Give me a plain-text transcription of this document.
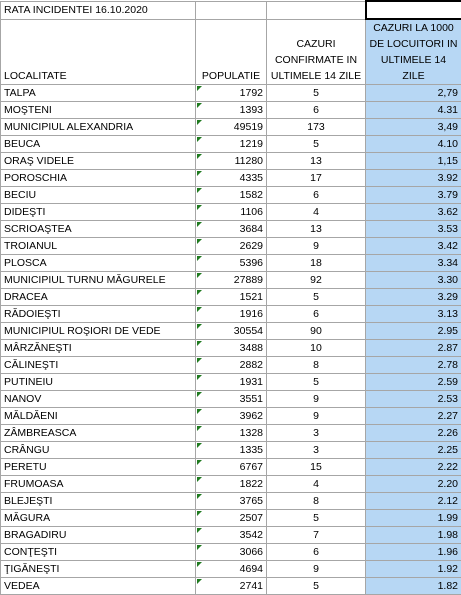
RATA INCIDENTEI 16.10.2020			
LOCALITATE	POPULATIE	CAZURI CONFIRMATE IN ULTIMELE 14 ZILE	CAZURI LA 1000 DE LOCUITORI IN ULTIMELE 14 ZILE
TALPA	1792	5	2,79
MOŞTENI	1393	6	4.31
MUNICIPIUL ALEXANDRIA	49519	173	3,49
BEUCA	1219	5	4.10
ORAŞ VIDELE	11280	13	1,15
POROSCHIA	4335	17	3.92
BECIU	1582	6	3.79
DIDEŞTI	1106	4	3.62
SCRIOAŞTEA	3684	13	3.53
TROIANUL	2629	9	3.42
PLOSCA	5396	18	3.34
MUNICIPIUL TURNU MĂGURELE	27889	92	3.30
DRACEA	1521	5	3.29
RĂDOIEŞTI	1916	6	3.13
MUNICIPIUL ROŞIORI DE VEDE	30554	90	2.95
MÂRZĂNEŞTI	3488	10	2.87
CĂLINEŞTI	2882	8	2.78
PUTINEIU	1931	5	2.59
NANOV	3551	9	2.53
MĂLDĂENI	3962	9	2.27
ZÂMBREASCA	1328	3	2.26
CRÂNGU	1335	3	2.25
PERETU	6767	15	2.22
FRUMOASA	1822	4	2.20
BLEJEŞTI	3765	8	2.12
MĂGURA	2507	5	1.99
BRAGADIRU	3542	7	1.98
CONŢEŞTI	3066	6	1.96
ŢIGĂNEŞTI	4694	9	1.92
VEDEA	2741	5	1.82
